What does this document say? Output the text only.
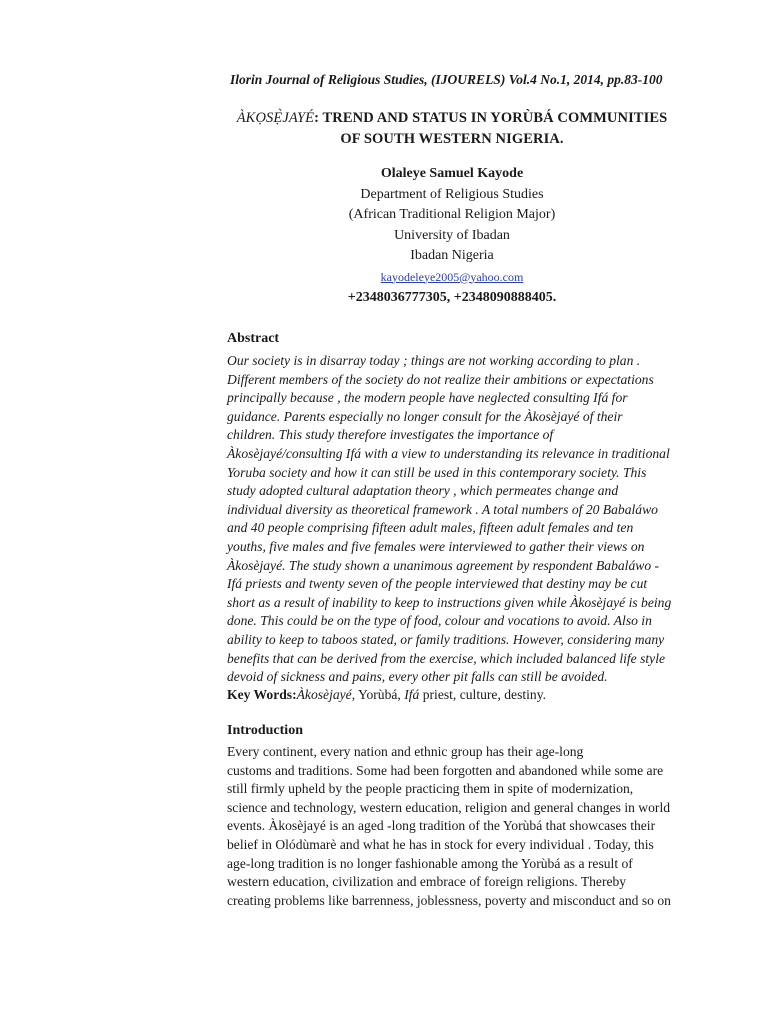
Ilorin Journal of Religious Studies, (IJOURELS) Vol.4 No.1, 2014, pp.83-100
ÀKỌSẸ̀JAYÉ: TREND AND STATUS IN YORÙBÁ COMMUNITIES
OF SOUTH WESTERN NIGERIA.
Olaleye Samuel Kayode
Department of Religious Studies
(African Traditional Religion Major)
University of Ibadan
Ibadan Nigeria
kayodeleye2005@yahoo.com
+2348036777305, +2348090888405.
Abstract
Our society is in disarray today ; things are not working according to plan .
Different members of the society do not realize their ambitions or expectations
principally because , the modern people have neglected consulting Ifá for
guidance. Parents especially no longer consult for the Àkosèjayé of their
children. This study therefore investigates the importance of
Àkosèjayé/consulting Ifá with a view to understanding its relevance in traditional
Yoruba society and how it can still be used in this contemporary society. This
study adopted cultural adaptation theory , which permeates change and
individual diversity as theoretical framework . A total numbers of 20 Babaláwo
and 40 people comprising fifteen adult males, fifteen adult females and ten
youths, five males and five females were interviewed to gather their views on
Àkosèjayé. The study shown a unanimous agreement by respondent Babaláwo -
Ifá priests and twenty seven of the people interviewed that destiny may be cut
short as a result of inability to keep to instructions given while Àkosèjayé is being
done. This could be on the type of food, colour and vocations to avoid. Also in
ability to keep to taboos stated, or family traditions. However, considering many
benefits that can be derived from the exercise, which included balanced life style
devoid of sickness and pains, every other pit falls can still be avoided.
Key Words:Àkosèjayé, Yorùbá, Ifá priest, culture, destiny.
Introduction
Every continent, every nation and ethnic group has their age-long
customs and traditions. Some had been forgotten and abandoned while some are
still firmly upheld by the people practicing them in spite of modernization,
science and technology, western education, religion and general changes in world
events. Àkosèjayé is an aged -long tradition of the Yorùbá that showcases their
belief in Olódùmarè and what he has in stock for every individual . Today, this
age-long tradition is no longer fashionable among the Yorùbá as a result of
western education, civilization and embrace of foreign religions. Thereby
creating problems like barrenness, joblessness, poverty and misconduct and so on
